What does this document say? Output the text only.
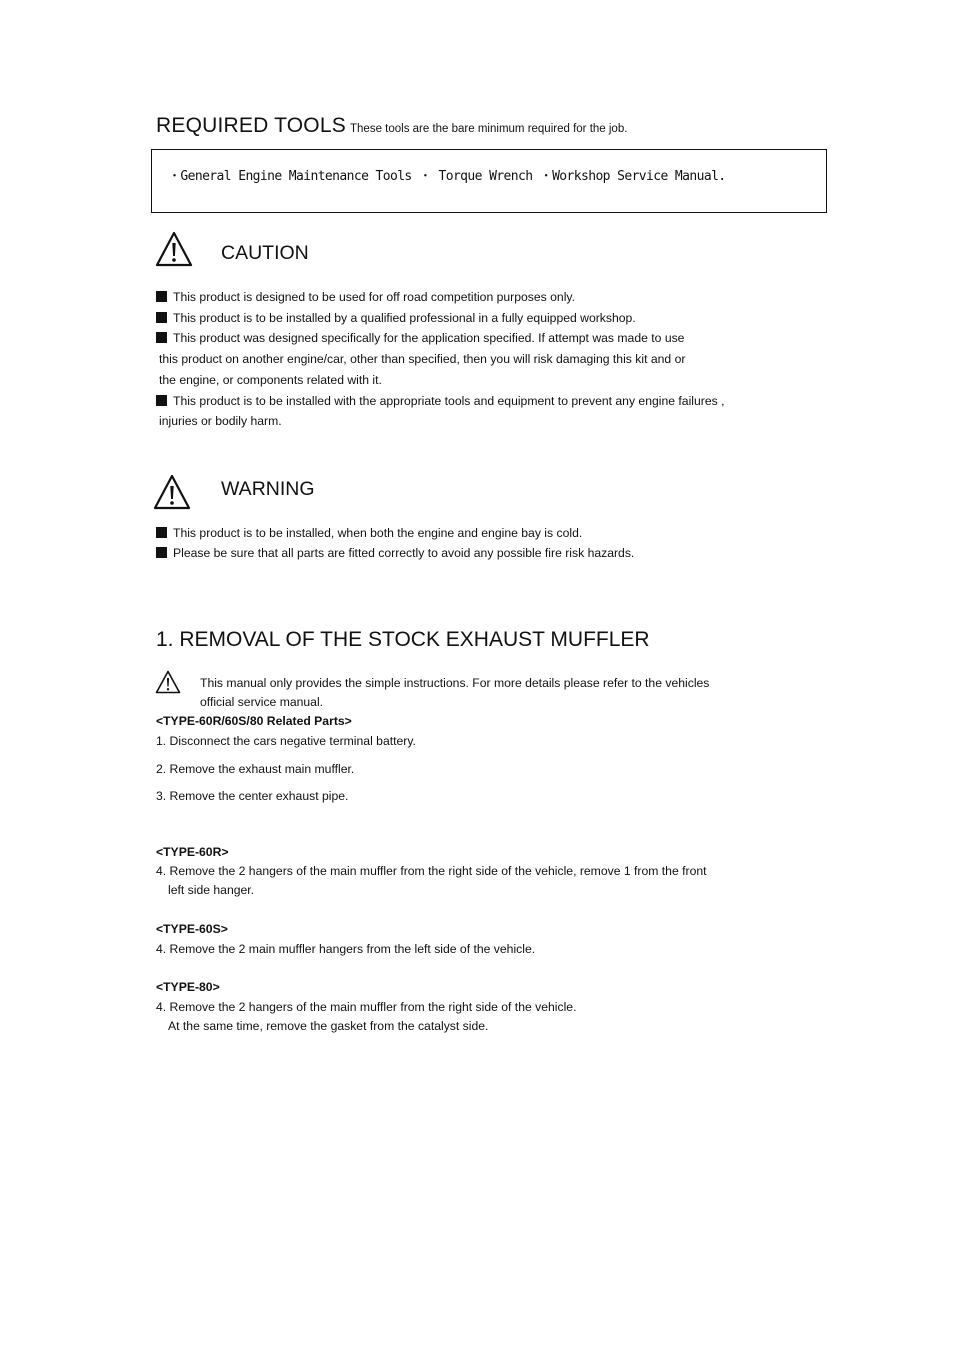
REQUIRED TOOLS These tools are the bare minimum required for the job.
・General Engine Maintenance Tools ・ Torque Wrench ・Workshop Service Manual.
CAUTION
This product is designed to be used for off road competition purposes only.
This product is to be installed by a qualified professional in a fully equipped workshop.
This product was designed specifically for the application specified. If attempt was made to use
this product on another engine/car, other than specified, then you will risk damaging this kit and or
the engine, or components related with it.
This product is to be installed with the appropriate tools and equipment to prevent any engine failures ,
injuries or bodily harm.
WARNING
This product is to be installed, when both the engine and engine bay is cold.
Please be sure that all parts are fitted correctly to avoid any possible fire risk hazards.
1. REMOVAL OF THE STOCK EXHAUST MUFFLER
This manual only provides the simple instructions. For more details please refer to the vehicles
official service manual.
<TYPE-60R/60S/80 Related Parts>
1. Disconnect the cars negative terminal battery.
2. Remove the exhaust main muffler.
3. Remove the center exhaust pipe.
<TYPE-60R>
4. Remove the 2 hangers of the main muffler from the right side of the vehicle, remove 1 from the front
left side hanger.
<TYPE-60S>
4. Remove the 2 main muffler hangers from the left side of the vehicle.
<TYPE-80>
4. Remove the 2 hangers of the main muffler from the right side of the vehicle.
At the same time, remove the gasket from the catalyst side.
